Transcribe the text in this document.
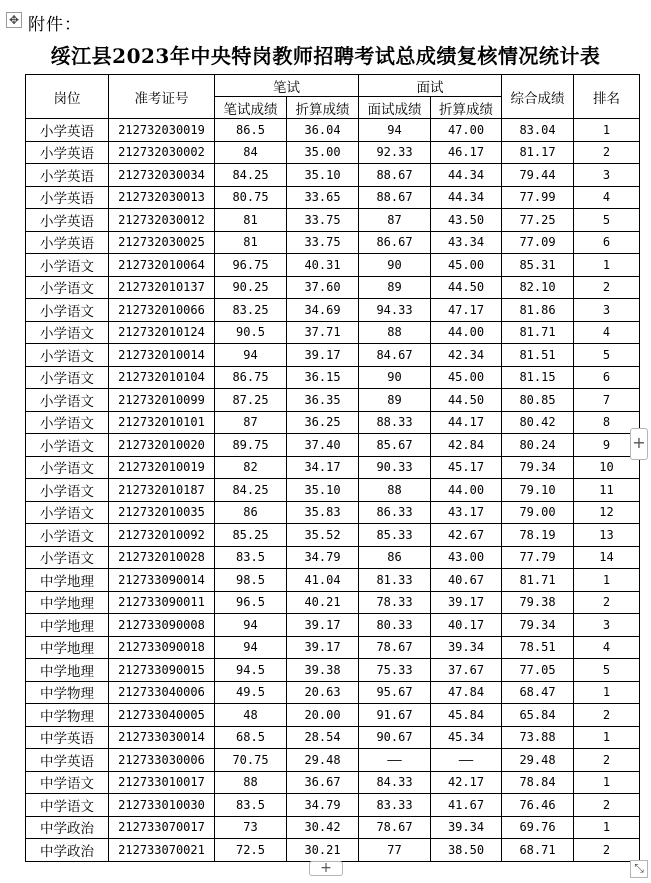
✥ 附件：
绥江县2023年中央特岗教师招聘考试总成绩复核情况统计表
岗位	准考证号	笔试		面试		综合成绩	排名
		笔试成绩	折算成绩	面试成绩	折算成绩		
小学英语	212732030019	86.5	36.04	94	47.00	83.04	1
小学英语	212732030002	84	35.00	92.33	46.17	81.17	2
小学英语	212732030034	84.25	35.10	88.67	44.34	79.44	3
小学英语	212732030013	80.75	33.65	88.67	44.34	77.99	4
小学英语	212732030012	81	33.75	87	43.50	77.25	5
小学英语	212732030025	81	33.75	86.67	43.34	77.09	6
小学语文	212732010064	96.75	40.31	90	45.00	85.31	1
小学语文	212732010137	90.25	37.60	89	44.50	82.10	2
小学语文	212732010066	83.25	34.69	94.33	47.17	81.86	3
小学语文	212732010124	90.5	37.71	88	44.00	81.71	4
小学语文	212732010014	94	39.17	84.67	42.34	81.51	5
小学语文	212732010104	86.75	36.15	90	45.00	81.15	6
小学语文	212732010099	87.25	36.35	89	44.50	80.85	7
小学语文	212732010101	87	36.25	88.33	44.17	80.42	8
小学语文	212732010020	89.75	37.40	85.67	42.84	80.24	9
小学语文	212732010019	82	34.17	90.33	45.17	79.34	10
小学语文	212732010187	84.25	35.10	88	44.00	79.10	11
小学语文	212732010035	86	35.83	86.33	43.17	79.00	12
小学语文	212732010092	85.25	35.52	85.33	42.67	78.19	13
小学语文	212732010028	83.5	34.79	86	43.00	77.79	14
中学地理	212733090014	98.5	41.04	81.33	40.67	81.71	1
中学地理	212733090011	96.5	40.21	78.33	39.17	79.38	2
中学地理	212733090008	94	39.17	80.33	40.17	79.34	3
中学地理	212733090018	94	39.17	78.67	39.34	78.51	4
中学地理	212733090015	94.5	39.38	75.33	37.67	77.05	5
中学物理	212733040006	49.5	20.63	95.67	47.84	68.47	1
中学物理	212733040005	48	20.00	91.67	45.84	65.84	2
中学英语	212733030014	68.5	28.54	90.67	45.34	73.88	1
中学英语	212733030006	70.75	29.48	——	——	29.48	2
中学语文	212733010017	88	36.67	84.33	42.17	78.84	1
中学语文	212733010030	83.5	34.79	83.33	41.67	76.46	2
中学政治	212733070017	73	30.42	78.67	39.34	69.76	1
中学政治	212733070021	72.5	30.21	77	38.50	68.71	2
+
+	⤡
